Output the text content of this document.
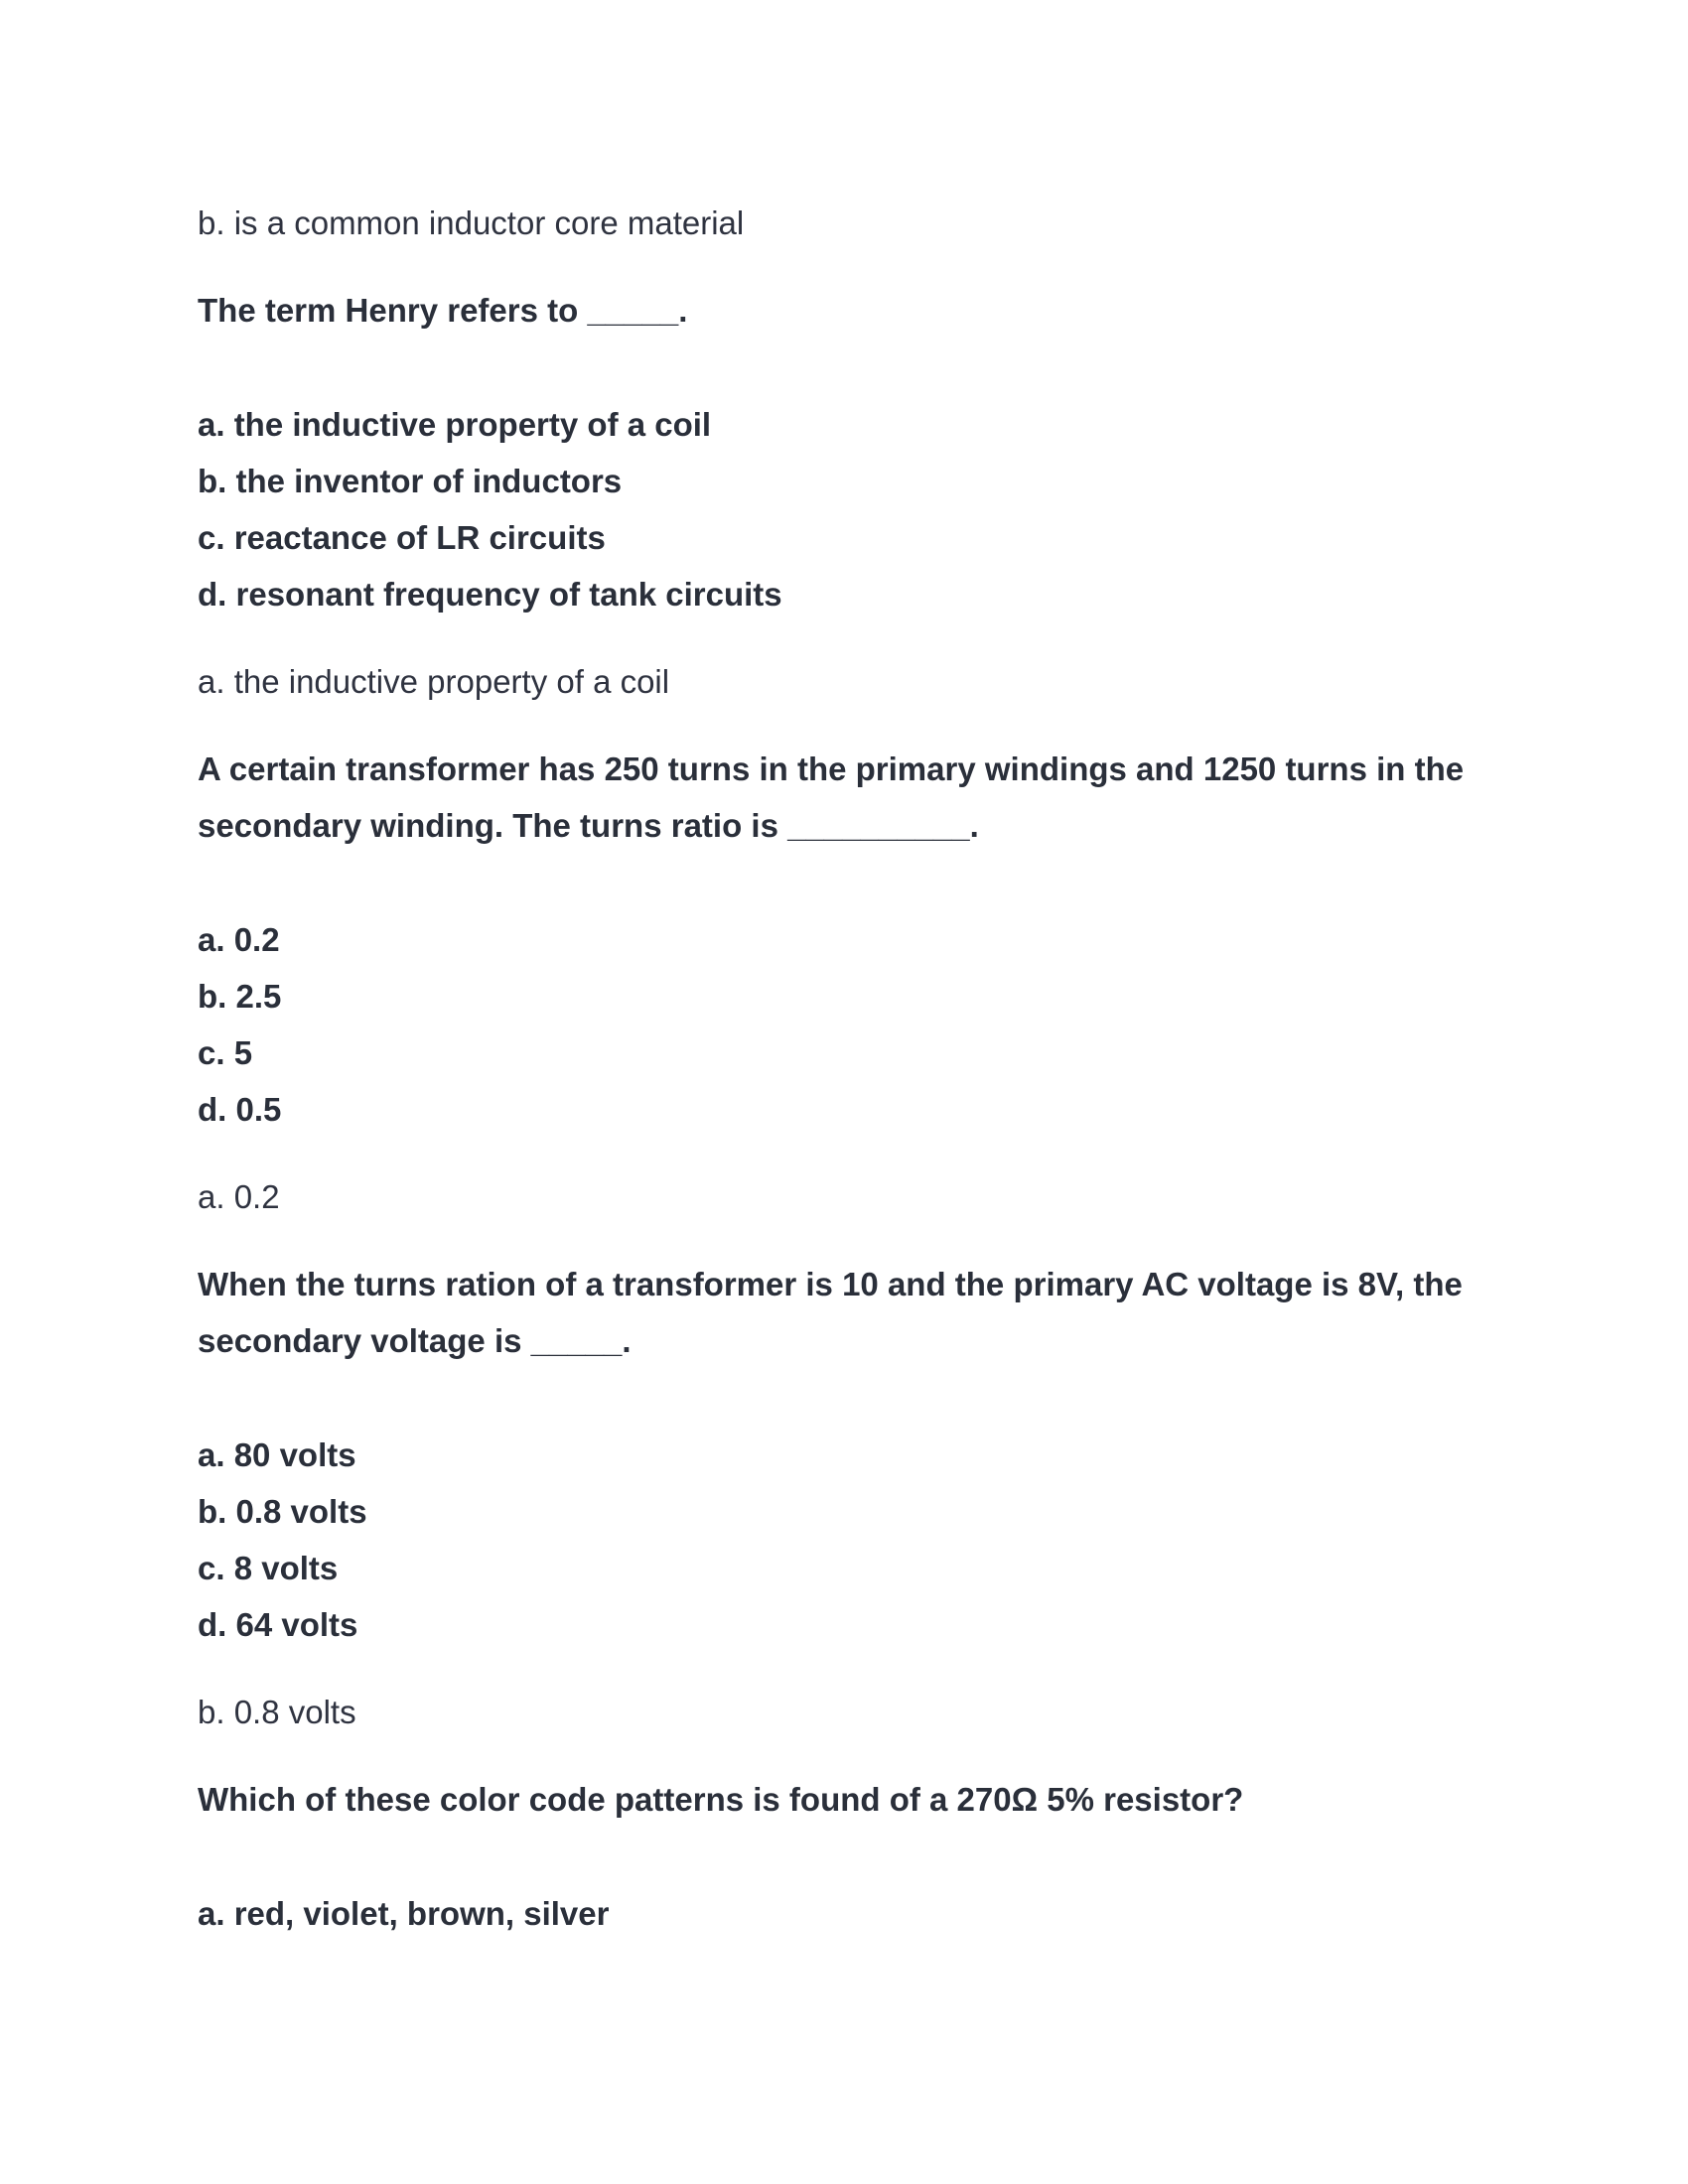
b. is a common inductor core material
The term Henry refers to _____.
a. the inductive property of a coil
b. the inventor of inductors
c. reactance of LR circuits
d. resonant frequency of tank circuits
a. the inductive property of a coil
A certain transformer has 250 turns in the primary windings and 1250 turns in the
secondary winding. The turns ratio is __________.
a. 0.2
b. 2.5
c. 5
d. 0.5
a. 0.2
When the turns ration of a transformer is 10 and the primary AC voltage is 8V, the
secondary voltage is _____.
a. 80 volts
b. 0.8 volts
c. 8 volts
d. 64 volts
b. 0.8 volts
Which of these color code patterns is found of a 270Ω 5% resistor?
a. red, violet, brown, silver
